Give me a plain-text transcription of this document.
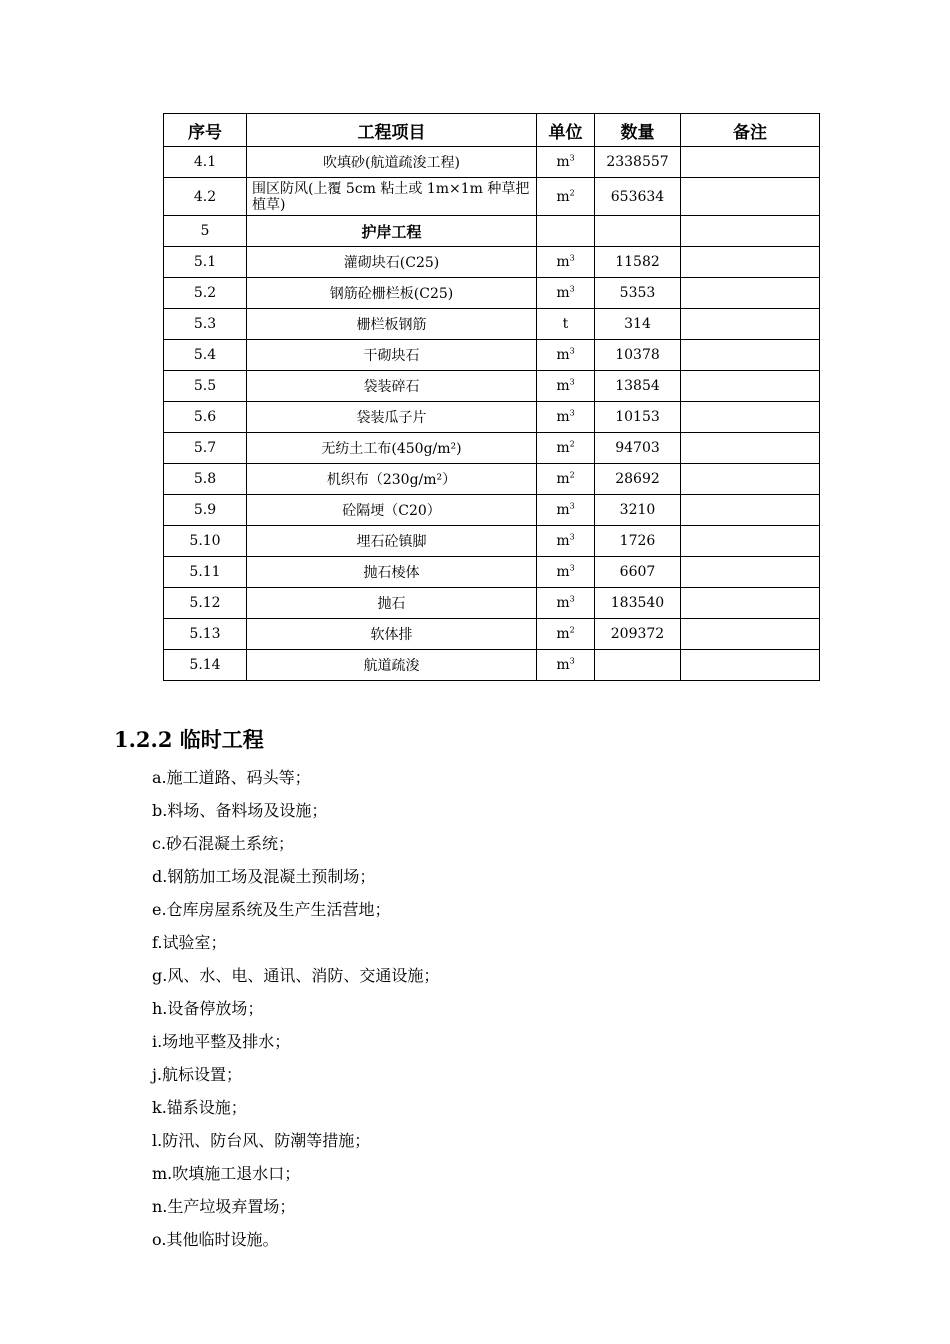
序号	工程项目	单位	数量	备注
4.1	吹填砂(航道疏浚工程)	$m^3$	2338557	
4.2	围区防风(上覆 5cm 粘土或 1m×1m 种草把植草)	$m^2$	653634	
5	护岸工程			
5.1	灌砌块石(C25)	$m^3$	11582	
5.2	钢筋砼栅栏板(C25)	$m^3$	5353	
5.3	栅栏板钢筋	t	314	
5.4	干砌块石	$m^3$	10378	
5.5	袋装碎石	$m^3$	13854	
5.6	袋装瓜子片	$m^3$	10153	
5.7	无纺土工布(450g/m²)	$m^2$	94703	
5.8	机织布（230g/m²）	$m^2$	28692	
5.9	砼隔埂（C20）	$m^3$	3210	
5.10	埋石砼镇脚	$m^3$	1726	
5.11	抛石棱体	$m^3$	6607	
5.12	抛石	$m^3$	183540	
5.13	软体排	$m^2$	209372	
5.14	航道疏浚	$m^3$		
1.2.2 临时工程
a.施工道路、码头等；
b.料场、备料场及设施；
c.砂石混凝土系统；
d.钢筋加工场及混凝土预制场；
e.仓库房屋系统及生产生活营地；
f.试验室；
g.风、水、电、通讯、消防、交通设施；
h.设备停放场；
i.场地平整及排水；
j.航标设置；
k.锚系设施；
l.防汛、防台风、防潮等措施；
m.吹填施工退水口；
n.生产垃圾弃置场；
o.其他临时设施。
